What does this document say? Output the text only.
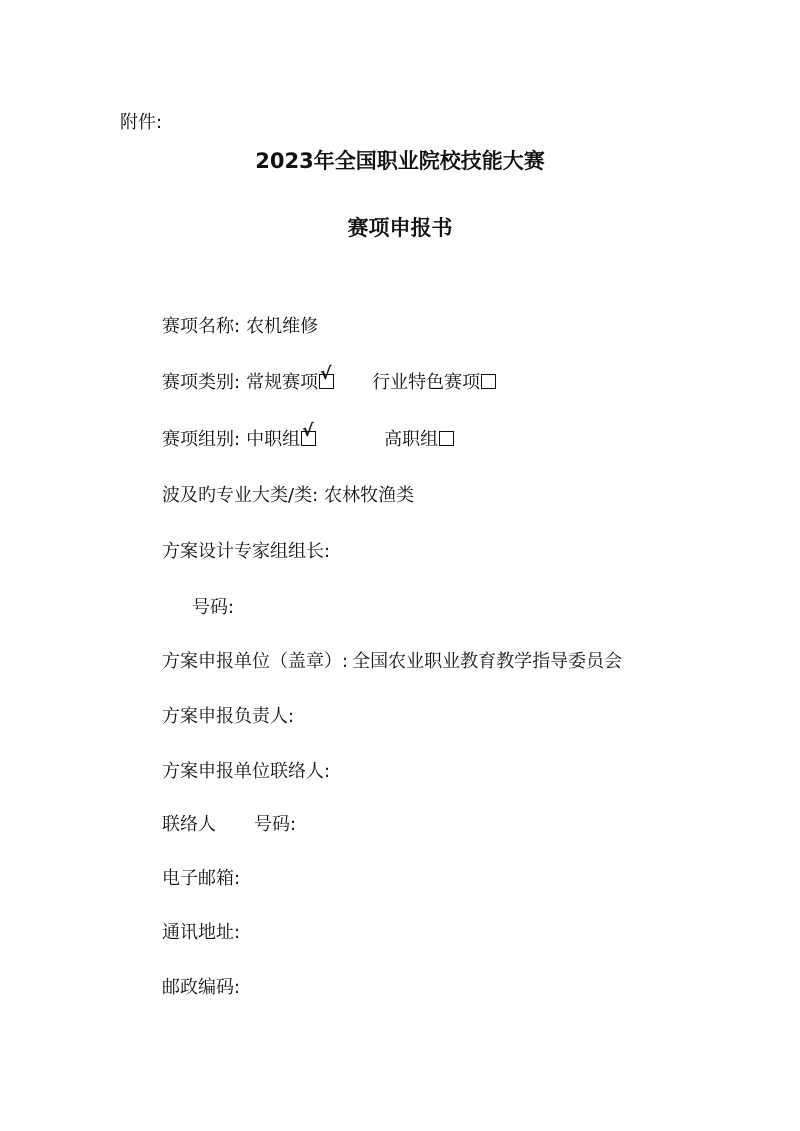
附件:
2023年全国职业院校技能大赛
赛项申报书
赛项名称: 农机维修
赛项类别: 常规赛项 √	行业特色赛项
赛项组别: 中职组 √	高职组
波及旳专业大类/类: 农林牧渔类
方案设计专家组组长:
号码:
方案申报单位（盖章）: 全国农业职业教育教学指导委员会
方案申报负责人:
方案申报单位联络人:
联络人 号码:
电子邮箱:
通讯地址:
邮政编码:
